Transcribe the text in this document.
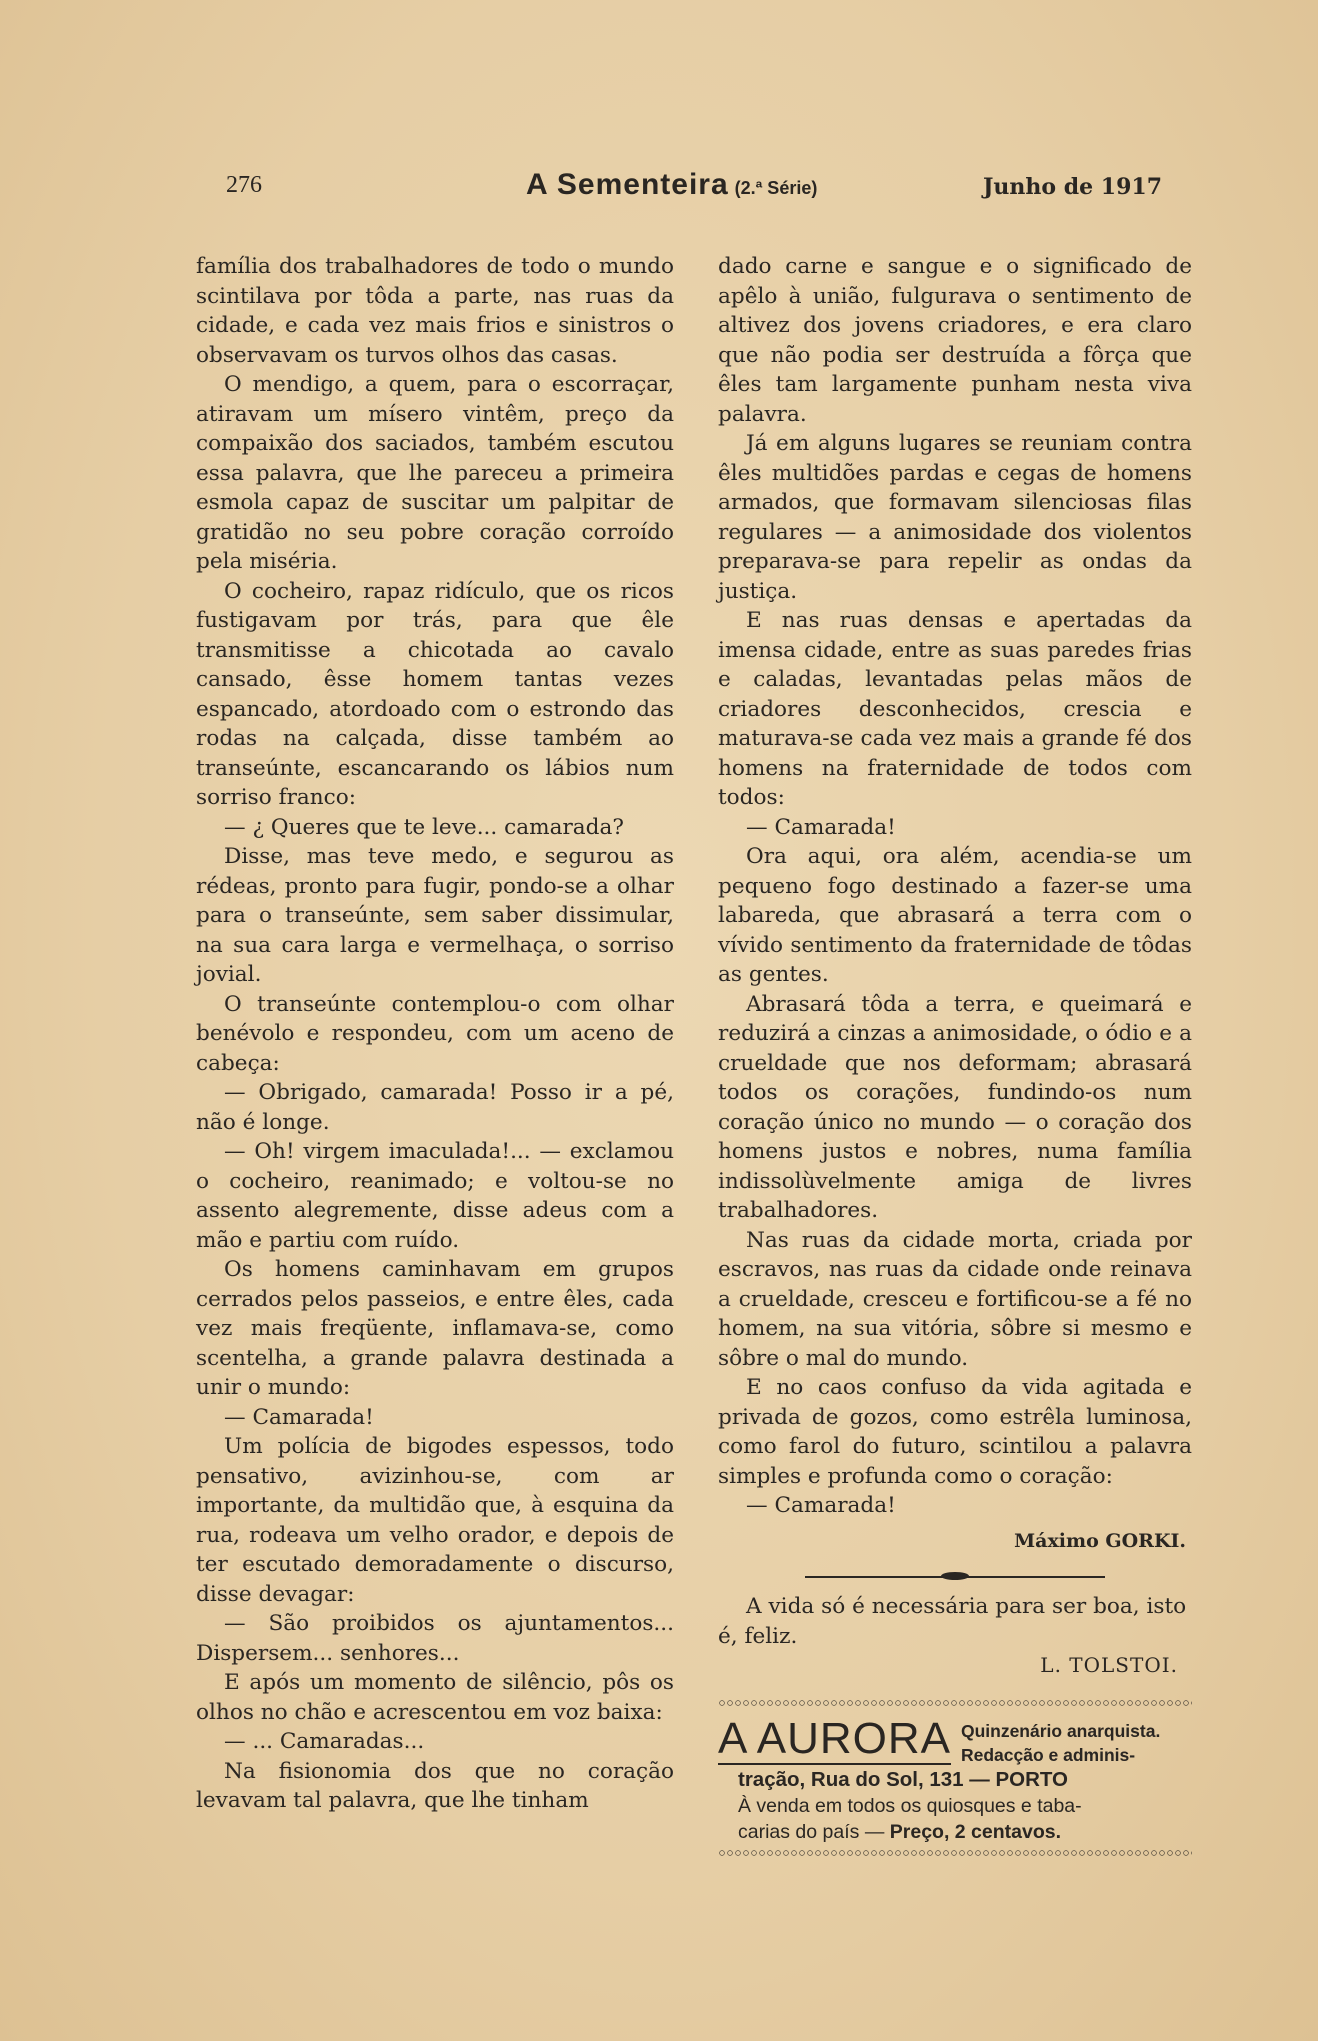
276	A Sementeira (2.ª Série)	Junho de 1917

família dos trabalhadores de todo o mundo scintilava por tôda a parte, nas ruas da cidade, e cada vez mais frios e sinistros o observavam os turvos olhos das casas.

O mendigo, a quem, para o escorraçar, atiravam um mísero vintêm, preço da compaixão dos saciados, também escutou essa palavra, que lhe pareceu a primeira esmola capaz de suscitar um palpitar de gratidão no seu pobre coração corroído pela miséria.

O cocheiro, rapaz ridículo, que os ricos fustigavam por trás, para que êle transmitisse a chicotada ao cavalo cansado, êsse homem tantas vezes espancado, atordoado com o estrondo das rodas na calçada, disse também ao transeúnte, escancarando os lábios num sorriso franco:

— ¿ Queres que te leve... camarada?

Disse, mas teve medo, e segurou as rédeas, pronto para fugir, pondo-se a olhar para o transeúnte, sem saber dissimular, na sua cara larga e vermelhaça, o sorriso jovial.

O transeúnte contemplou-o com olhar benévolo e respondeu, com um aceno de cabeça:

— Obrigado, camarada! Posso ir a pé, não é longe.

— Oh! virgem imaculada!... — exclamou o cocheiro, reanimado; e voltou-se no assento alegremente, disse adeus com a mão e partiu com ruído.

Os homens caminhavam em grupos cerrados pelos passeios, e entre êles, cada vez mais freqüente, inflamava-se, como scentelha, a grande palavra destinada a unir o mundo:

— Camarada!

Um polícia de bigodes espessos, todo pensativo, avizinhou-se, com ar importante, da multidão que, à esquina da rua, rodeava um velho orador, e depois de ter escutado demoradamente o discurso, disse devagar:

— São proibidos os ajuntamentos... Dispersem... senhores...

E após um momento de silêncio, pôs os olhos no chão e acrescentou em voz baixa:

— ... Camaradas...

Na fisionomia dos que no coração levavam tal palavra, que lhe tinham

dado carne e sangue e o significado de apêlo à união, fulgurava o sentimento de altivez dos jovens criadores, e era claro que não podia ser destruída a fôrça que êles tam largamente punham nesta viva palavra.

Já em alguns lugares se reuniam contra êles multidões pardas e cegas de homens armados, que formavam silenciosas filas regulares — a animosidade dos violentos preparava-se para repelir as ondas da justiça.

E nas ruas densas e apertadas da imensa cidade, entre as suas paredes frias e caladas, levantadas pelas mãos de criadores desconhecidos, crescia e maturava-se cada vez mais a grande fé dos homens na fraternidade de todos com todos:

— Camarada!

Ora aqui, ora além, acendia-se um pequeno fogo destinado a fazer-se uma labareda, que abrasará a terra com o vívido sentimento da fraternidade de tôdas as gentes.

Abrasará tôda a terra, e queimará e reduzirá a cinzas a animosidade, o ódio e a crueldade que nos deformam; abrasará todos os corações, fundindo-os num coração único no mundo — o coração dos homens justos e nobres, numa família indissolùvelmente amiga de livres trabalhadores.

Nas ruas da cidade morta, criada por escravos, nas ruas da cidade onde reinava a crueldade, cresceu e fortificou-se a fé no homem, na sua vitória, sôbre si mesmo e sôbre o mal do mundo.

E no caos confuso da vida agitada e privada de gozos, como estrêla luminosa, como farol do futuro, scintilou a palavra simples e profunda como o coração:

— Camarada!

Máximo GORKI.

A vida só é necessária para ser boa, isto é, feliz.

L. TOLSTOI.
A AURORA Quinzenário anarquista.
Redacção e adminis-
tração, Rua do Sol, 131 — PORTO
À venda em todos os quiosques e taba-
carias do país — Preço, 2 centavos.
